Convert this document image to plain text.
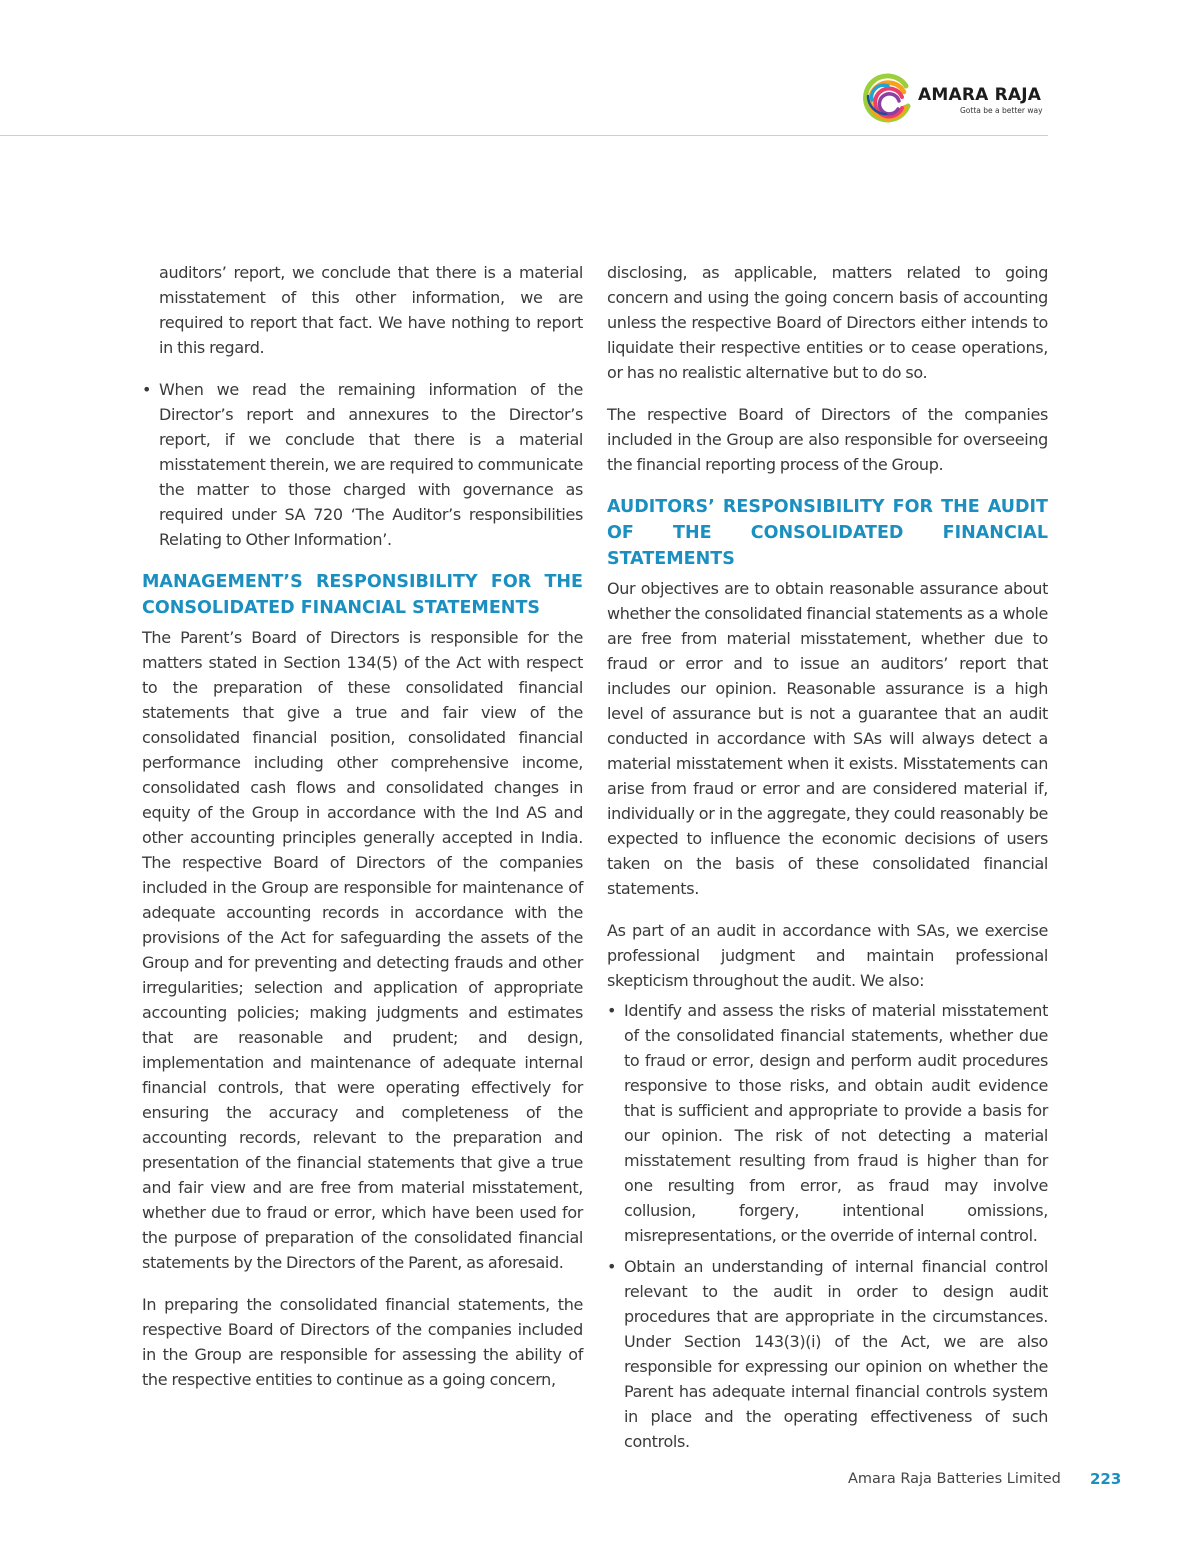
AMARA RAJA
Gotta be a better way

auditors’ report, we conclude that there is a material misstatement of this other information, we are required to report that fact. We have nothing to report in this regard.

• When we read the remaining information of the Director’s report and annexures to the Director’s report, if we conclude that there is a material misstatement therein, we are required to communicate the matter to those charged with governance as required under SA 720 ‘The Auditor’s responsibilities Relating to Other Information’.

MANAGEMENT’S RESPONSIBILITY FOR THE CONSOLIDATED FINANCIAL STATEMENTS

The Parent’s Board of Directors is responsible for the matters stated in Section 134(5) of the Act with respect to the preparation of these consolidated financial statements that give a true and fair view of the consolidated financial position, consolidated financial performance including other comprehensive income, consolidated cash flows and consolidated changes in equity of the Group in accordance with the Ind AS and other accounting principles generally accepted in India. The respective Board of Directors of the companies included in the Group are responsible for maintenance of adequate accounting records in accordance with the provisions of the Act for safeguarding the assets of the Group and for preventing and detecting frauds and other irregularities; selection and application of appropriate accounting policies; making judgments and estimates that are reasonable and prudent; and design, implementation and maintenance of adequate internal financial controls, that were operating effectively for ensuring the accuracy and completeness of the accounting records, relevant to the preparation and presentation of the financial statements that give a true and fair view and are free from material misstatement, whether due to fraud or error, which have been used for the purpose of preparation of the consolidated financial statements by the Directors of the Parent, as aforesaid.

In preparing the consolidated financial statements, the respective Board of Directors of the companies included in the Group are responsible for assessing the ability of the respective entities to continue as a going concern,

disclosing, as applicable, matters related to going concern and using the going concern basis of accounting unless the respective Board of Directors either intends to liquidate their respective entities or to cease operations, or has no realistic alternative but to do so.

The respective Board of Directors of the companies included in the Group are also responsible for overseeing the financial reporting process of the Group.

AUDITORS’ RESPONSIBILITY FOR THE AUDIT OF THE CONSOLIDATED FINANCIAL STATEMENTS

Our objectives are to obtain reasonable assurance about whether the consolidated financial statements as a whole are free from material misstatement, whether due to fraud or error and to issue an auditors’ report that includes our opinion. Reasonable assurance is a high level of assurance but is not a guarantee that an audit conducted in accordance with SAs will always detect a material misstatement when it exists. Misstatements can arise from fraud or error and are considered material if, individually or in the aggregate, they could reasonably be expected to influence the economic decisions of users taken on the basis of these consolidated financial statements.

As part of an audit in accordance with SAs, we exercise professional judgment and maintain professional skepticism throughout the audit. We also:

• Identify and assess the risks of material misstatement of the consolidated financial statements, whether due to fraud or error, design and perform audit procedures responsive to those risks, and obtain audit evidence that is sufficient and appropriate to provide a basis for our opinion. The risk of not detecting a material misstatement resulting from fraud is higher than for one resulting from error, as fraud may involve collusion, forgery, intentional omissions, misrepresentations, or the override of internal control.

• Obtain an understanding of internal financial control relevant to the audit in order to design audit procedures that are appropriate in the circumstances. Under Section 143(3)(i) of the Act, we are also responsible for expressing our opinion on whether the Parent has adequate internal financial controls system in place and the operating effectiveness of such controls.

Amara Raja Batteries Limited 223
